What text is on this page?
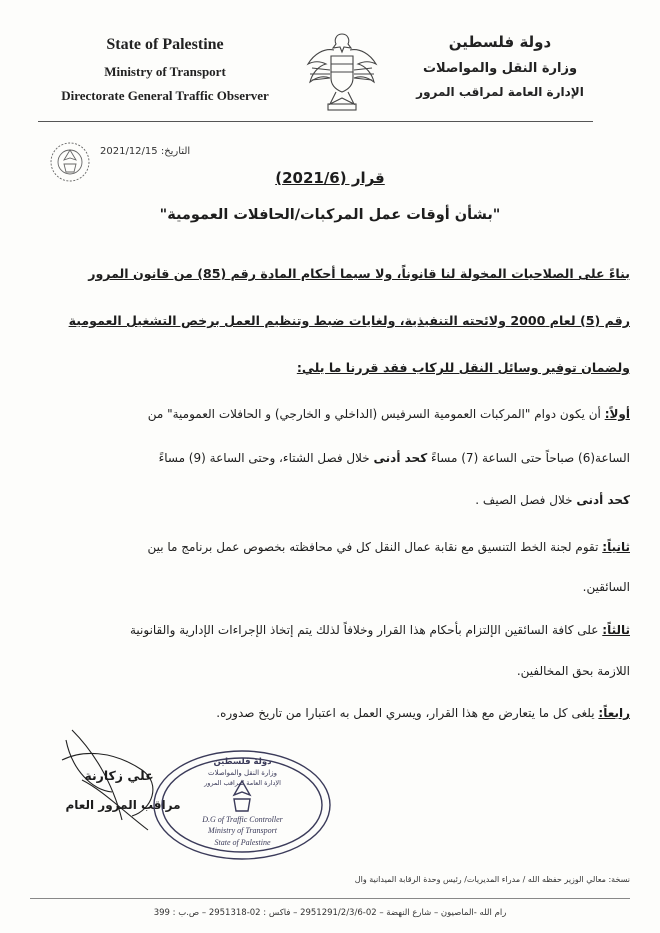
State of Palestine
Ministry of Transport
Directorate General Traffic Observer
دولة فلسطين
وزارة النقل والمواصلات
الإدارة العامة لمراقب المرور
التاريخ: 2021/12/15
قرار (2021/6)
"بشأن أوقات عمل المركبات/الحافلات العمومية"
بناءً على الصلاحيات المخولة لنا قانوناً، ولا سيما أحكام المادة رقم (85) من قانون المرور
رقم (5) لعام 2000 ولائحته التنفيذية، ولغايات ضبط وتنظيم العمل برخص التشغيل العمومية
ولضمان توفير وسائل النقل للركاب فقد قررنا ما يلي:
أولاً: أن يكون دوام "المركبات العمومية السرفيس (الداخلي و الخارجي) و الحافلات العمومية" من
الساعة(6) صباحاً حتى الساعة (7) مساءً كحد أدنى خلال فصل الشتاء، وحتى الساعة (9) مساءً
كحد أدنى خلال فصل الصيف .
ثانياً: تقوم لجنة الخط التنسيق مع نقابة عمال النقل كل في محافظته بخصوص عمل برنامج ما بين
السائقين.
ثالثاً: على كافة السائقين الإلتزام بأحكام هذا القرار وخلافاً لذلك يتم إتخاذ الإجراءات الإدارية والقانونية
اللازمة بحق المخالفين.
رابعاً: يلغى كل ما يتعارض مع هذا القرار، ويسري العمل به اعتبارا من تاريخ صدوره.
علي زكارنة
مراقب المرور العام
دولة فلسطين
وزارة النقل والمواصلات
الإدارة العامة لمراقب المرور
D.G of Traffic Controller
Ministry of Transport
State of Palestine
نسخة: معالي الوزير حفظه الله / مدراء المديريات/ رئيس وحدة الرقابة الميدانية وال
رام الله -الماصيون – شارع النهضة – 02-2951291/2/3/6 – فاكس : 02-2951318 – ص.ب : 399
